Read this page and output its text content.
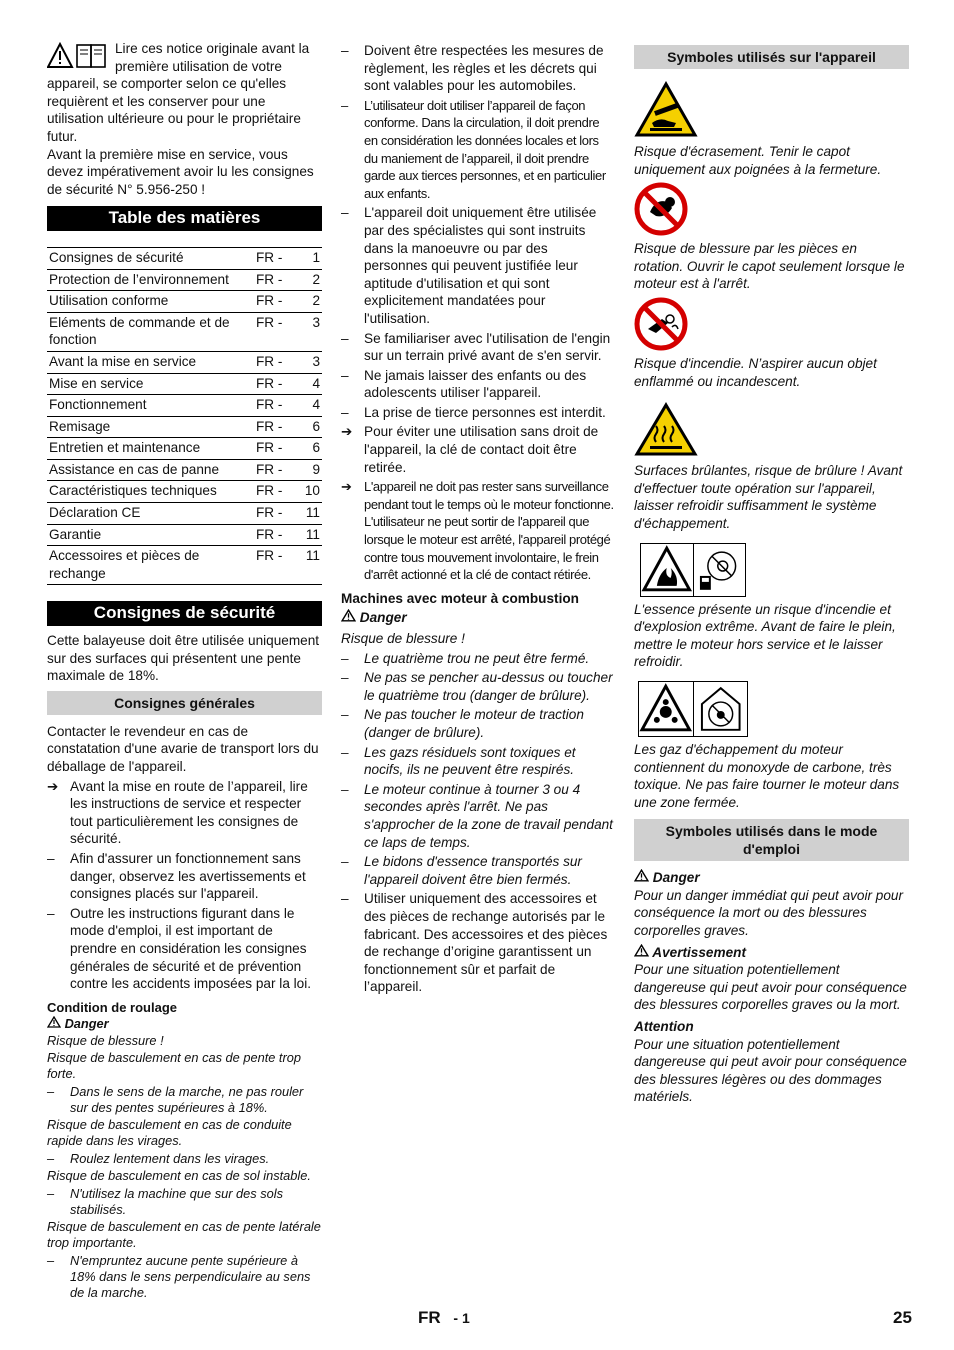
Lire ces notice originale avant la première utilisation de votre appareil, se comporter selon ce qu'elles requièrent et les conserver pour une utilisation ultérieure ou pour le propriétaire futur.

Avant la première mise en service, vous devez impérativement avoir lu les consignes de sécurité N° 5.956-250 !

Table des matières
Consignes de sécurité	FR -	1
Protection de l’environnement	FR -	2
Utilisation conforme	FR -	2
Eléments de commande et de fonction	FR -	3
Avant la mise en service	FR -	3
Mise en service	FR -	4
Fonctionnement	FR -	4
Remisage	FR -	6
Entretien et maintenance	FR -	6
Assistance en cas de panne	FR -	9
Caractéristiques techniques	FR -	10
Déclaration CE	FR -	11
Garantie	FR -	11
Accessoires et pièces de rechange	FR -	11
Consignes de sécurité

Cette balayeuse doit être utilisée uniquement sur des surfaces qui présentent une pente maximale de 18%.

Consignes générales

Contacter le revendeur en cas de constatation d'une avarie de transport lors du déballage de l'appareil.

➔ Avant la mise en route de l’appareil, lire les instructions de service et respecter tout particulièrement les consignes de sécurité.
–	Afin d'assurer un fonctionnement sans danger, observez les avertissements et consignes placés sur l'appareil.
–	Outre les instructions figurant dans le mode d'emploi, il est important de prendre en considération les consignes générales de sécurité et de prévention contre les accidents imposées par la loi.

Condition de roulage

Danger

Risque de blessure !

Risque de basculement en cas de pente trop forte.

–	Dans le sens de la marche, ne pas rouler sur des pentes supérieures à 18%.

Risque de basculement en cas de conduite rapide dans les virages.

–	Roulez lentement dans les virages.

Risque de basculement en cas de sol instable.

–	N'utilisez la machine que sur des sols stabilisés.

Risque de basculement en cas de pente latérale trop importante.

–	N'empruntez aucune pente supérieure à 18% dans le sens perpendiculaire au sens de la marche.
–	Doivent être respectées les mesures de règlement, les règles et les décrets qui sont valables pour les automobiles.
–	L’utilisateur doit utiliser l’appareil de façon conforme. Dans la circulation, il doit prendre en considération les données locales et lors du maniement de l’appareil, il doit prendre garde aux tierces personnes, et en particulier aux enfants.
–	L'appareil doit uniquement être utilisée par des spécialistes qui sont instruits dans la manoeuvre ou par des personnes qui peuvent justifiée leur aptitude d'utilisation et qui sont explicitement mandatées pour l'utilisation.
–	Se familiariser avec l'utilisation de l'engin sur un terrain privé avant de s'en servir.
–	Ne jamais laisser des enfants ou des adolescents utiliser l'appareil.
–	La prise de tierce personnes est interdit.
➔ Pour éviter une utilisation sans droit de l'appareil, la clé de contact doit être retirée.
➔ L'appareil ne doit pas rester sans surveillance pendant tout le temps où le moteur fonctionne. L'utilisateur ne peut sortir de l'appareil que lorsque le moteur est arrêté, l'appareil protégé contre tous mouvement involontaire, le frein d'arrêt actionné et la clé de contact rétirée.

Machines avec moteur à combustion

Danger

Risque de blessure !

–	Le quatrième trou ne peut être fermé.
–	Ne pas se pencher au-dessus ou toucher le quatrième trou (danger de brûlure).
–	Ne pas toucher le moteur de traction (danger de brûlure).
–	Les gazs résiduels sont toxiques et nocifs, ils ne peuvent être respirés.
–	Le moteur continue à tourner 3 ou 4 secondes après l'arrêt. Ne pas s'approcher de la zone de travail pendant ce laps de temps.
–	Le bidons d'essence transportés sur l'appareil doivent être bien fermés.
–	Utiliser uniquement des accessoires et des pièces de rechange autorisés par le fabricant. Des accessoires et des pièces de rechange d’origine garantissent un fonctionnement sûr et parfait de l’appareil.
Symboles utilisés sur l'appareil

Risque d'écrasement. Tenir le capot uniquement aux poignées à la fermeture.

Risque de blessure par les pièces en rotation. Ouvrir le capot seulement lorsque le moteur est à l'arrêt.

Risque d'incendie. N’aspirer aucun objet enflammé ou incandescent.

Surfaces brûlantes, risque de brûlure ! Avant d'effectuer toute opération sur l'appareil, laisser refroidir suffisamment le système d'échappement.

L'essence présente un risque d'incendie et d'explosion extrême. Avant de faire le plein, mettre le moteur hors service et le laisser refroidir.

Les gaz d'échappement du moteur contiennent du monoxyde de carbone, très toxique. Ne pas faire tourner le moteur dans une zone fermée.

Symboles utilisés dans le mode d'emploi

Danger

Pour un danger immédiat qui peut avoir pour conséquence la mort ou des blessures corporelles graves.

Avertissement

Pour une situation potentiellement dangereuse qui peut avoir pour conséquence des blessures corporelles graves ou la mort.

Attention

Pour une situation potentiellement dangereuse qui peut avoir pour conséquence des blessures légères ou des dommages matériels.

FR - 1	25
